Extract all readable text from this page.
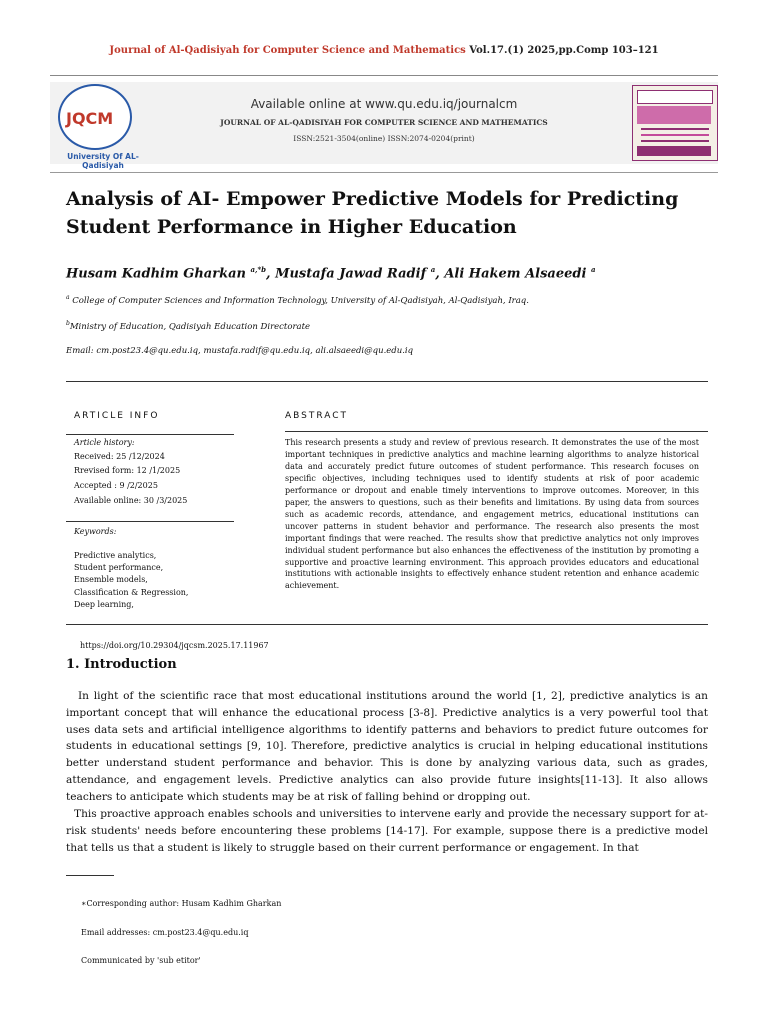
Journal of Al-Qadisiyah for Computer Science and Mathematics Vol.17.(1) 2025,pp.Comp 103–121
JQCM
University Of AL-Qadisiyah
Available online at www.qu.edu.iq/journalcm
JOURNAL OF AL-QADISIYAH FOR COMPUTER SCIENCE AND MATHEMATICS
ISSN:2521-3504(online) ISSN:2074-0204(print)
Analysis of AI- Empower Predictive Models for Predicting Student Performance in Higher Education
Husam Kadhim Gharkan $^{a,*b}$, Mustafa Jawad Radif $^a$, Ali Hakem Alsaeedi $^a$
$^a$ College of Computer Sciences and Information Technology, University of Al-Qadisiyah, Al-Qadisiyah, Iraq.
$^b$Ministry of Education, Qadisiyah Education Directorate
Email: cm.post23.4@qu.edu.iq, mustafa.radif@qu.edu.iq, ali.alsaeedi@qu.edu.iq
ARTICLE INFO
Article history:
Received: 25 /12/2024
Rrevised form: 12 /1/2025
Accepted : 9 /2/2025
Available online: 30 /3/2025
Keywords:
Predictive analytics,
Student performance,
Ensemble models,
Classification & Regression,
Deep learning,
ABSTRACT
This research presents a study and review of previous research. It demonstrates the use of the most important techniques in predictive analytics and machine learning algorithms to analyze historical data and accurately predict future outcomes of student performance. This research focuses on specific objectives, including techniques used to identify students at risk of poor academic performance or dropout and enable timely interventions to improve outcomes. Moreover, in this paper, the answers to questions, such as their benefits and limitations. By using data from sources such as academic records, attendance, and engagement metrics, educational institutions can uncover patterns in student behavior and performance. The research also presents the most important findings that were reached. The results show that predictive analytics not only improves individual student performance but also enhances the effectiveness of the institution by promoting a supportive and proactive learning environment. This approach provides educators and educational institutions with actionable insights to effectively enhance student retention and enhance academic achievement.
https://doi.org/10.29304/jqcsm.2025.17.11967
1. Introduction
In light of the scientific race that most educational institutions around the world [1, 2], predictive analytics is an important concept that will enhance the educational process [3-8]. Predictive analytics is a very powerful tool that uses data sets and artificial intelligence algorithms to identify patterns and behaviors to predict future outcomes for students in educational settings [9, 10]. Therefore, predictive analytics is crucial in helping educational institutions better understand student performance and behavior. This is done by analyzing various data, such as grades, attendance, and engagement levels. Predictive analytics can also provide future insights[11-13]. It also allows teachers to anticipate which students may be at risk of falling behind or dropping out.
This proactive approach enables schools and universities to intervene early and provide the necessary support for at-risk students' needs before encountering these problems [14-17]. For example, suppose there is a predictive model that tells us that a student is likely to struggle based on their current performance or engagement. In that
∗Corresponding author: Husam Kadhim Gharkan
Email addresses: cm.post23.4@qu.edu.iq
Communicated by 'sub etitor'
